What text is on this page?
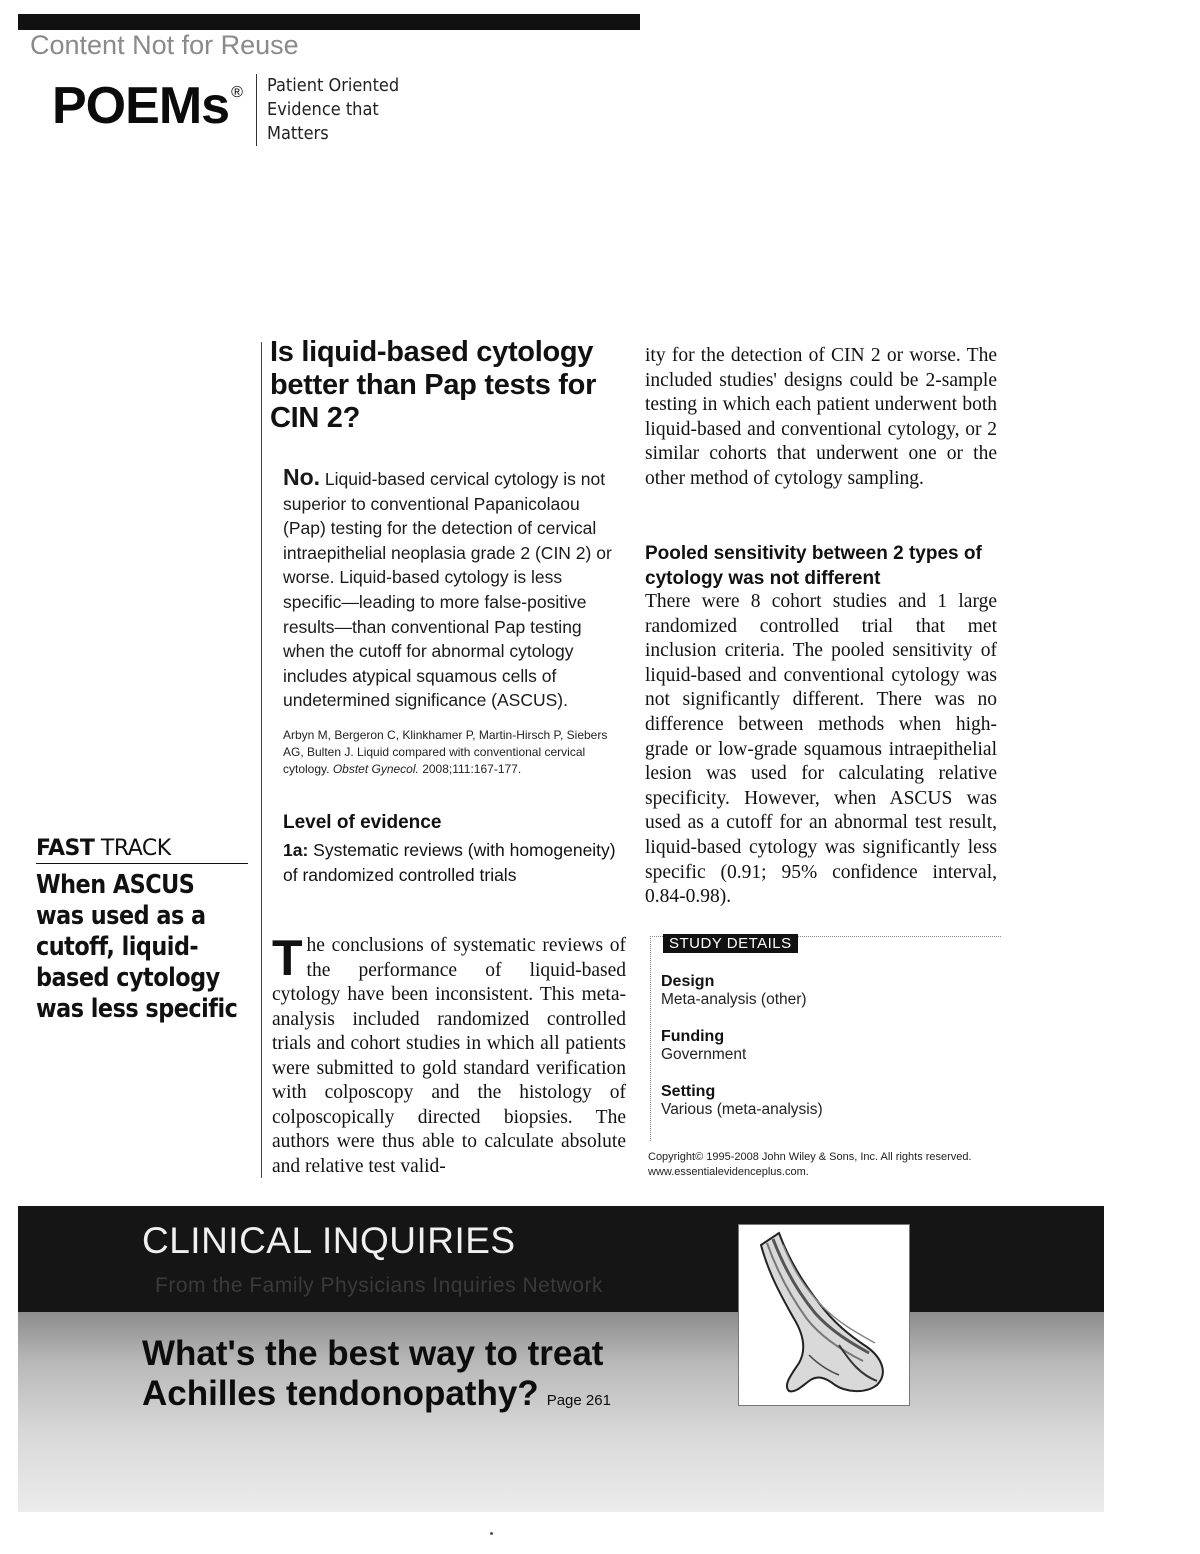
Content Not for Reuse
POEMs ® Patient Oriented
Evidence that
Matters
FAST TRACK
When ASCUS was used as a cutoff, liquid-based cytology was less specific
Is liquid-based cytology better than Pap tests for CIN 2?
No. Liquid-based cervical cytology is not superior to conventional Papanicolaou (Pap) testing for the detection of cervical intraepithelial neoplasia grade 2 (CIN 2) or worse. Liquid-based cytology is less specific—leading to more false-positive results—than conventional Pap testing when the cutoff for abnormal cytology includes atypical squamous cells of undetermined significance (ASCUS).
Arbyn M, Bergeron C, Klinkhamer P, Martin-Hirsch P, Siebers AG, Bulten J. Liquid compared with conventional cervical cytology. Obstet Gynecol. 2008;111:167-177.
Level of evidence
1a: Systematic reviews (with homogeneity) of randomized controlled trials
The conclusions of systematic reviews of the performance of liquid-based cytology have been inconsistent. This meta-analysis included randomized controlled trials and cohort studies in which all patients were submitted to gold standard verification with colposcopy and the histology of colposcopically directed biopsies. The authors were thus able to calculate absolute and relative test valid-
ity for the detection of CIN 2 or worse. The included studies' designs could be 2-sample testing in which each patient underwent both liquid-based and conventional cytology, or 2 similar cohorts that underwent one or the other method of cytology sampling.
Pooled sensitivity between 2 types of cytology was not different
There were 8 cohort studies and 1 large randomized controlled trial that met inclusion criteria. The pooled sensitivity of liquid-based and conventional cytology was not significantly different. There was no difference between methods when high-grade or low-grade squamous intraepithelial lesion was used for calculating relative specificity. However, when ASCUS was used as a cutoff for an abnormal test result, liquid-based cytology was significantly less specific (0.91; 95% confidence interval, 0.84-0.98).
STUDY DETAILS
Design
Meta-analysis (other)
Funding
Government
Setting
Various (meta-analysis)
Copyright© 1995-2008 John Wiley & Sons, Inc. All rights reserved. www.essentialevidenceplus.com.
CLINICAL INQUIRIES
From the Family Physicians Inquiries Network
What's the best way to treat Achilles tendonopathy? Page 261
